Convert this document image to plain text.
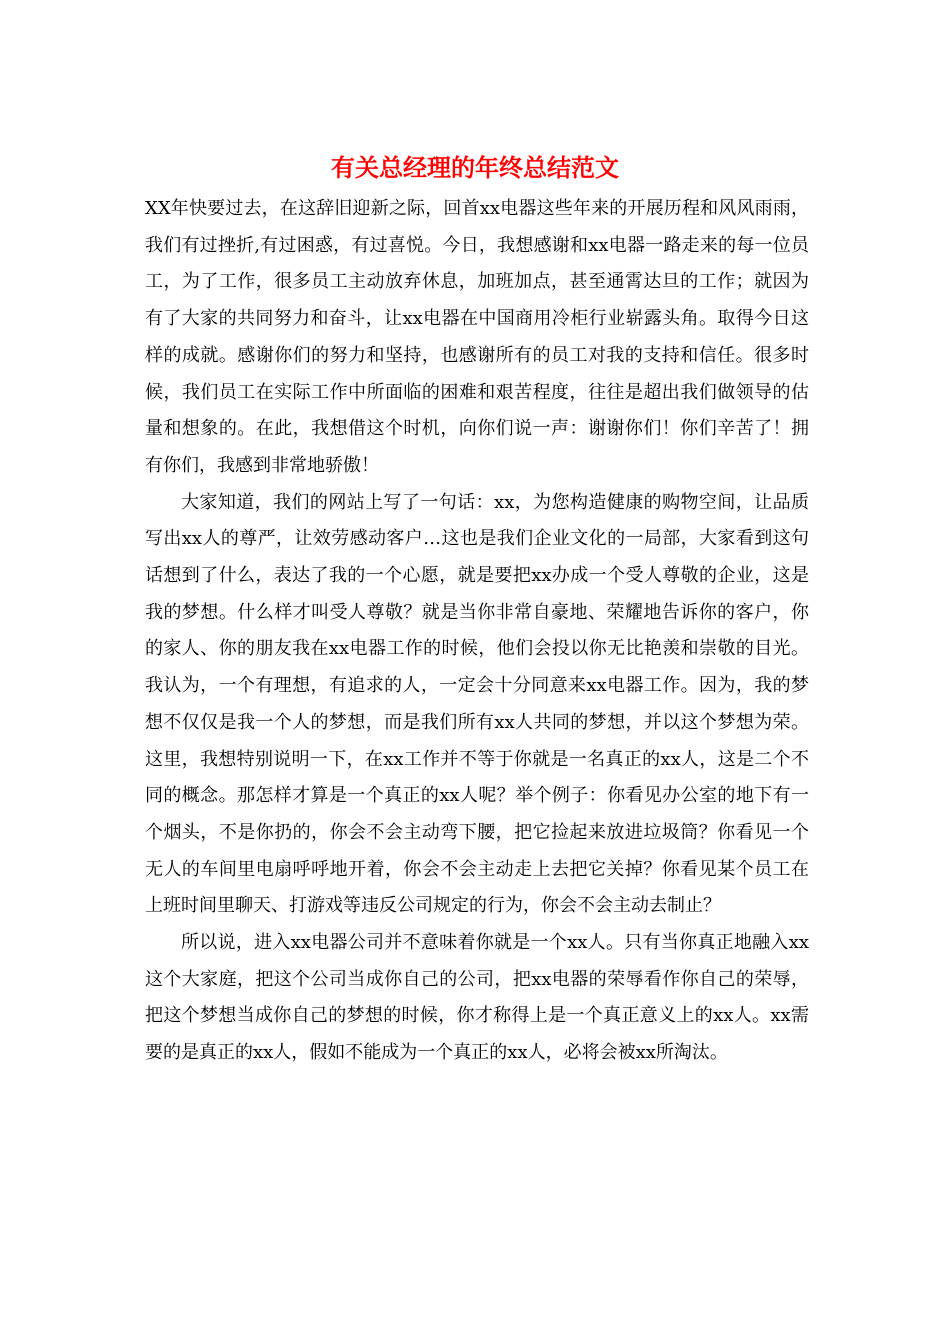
有关总经理的年终总结范文

XX年快要过去，在这辞旧迎新之际，回首xx电器这些年来的开展历程和风风雨雨，我们有过挫折,有过困惑，有过喜悦。今日，我想感谢和xx电器一路走来的每一位员工，为了工作，很多员工主动放弃休息，加班加点，甚至通霄达旦的工作；就因为有了大家的共同努力和奋斗，让xx电器在中国商用冷柜行业崭露头角。取得今日这样的成就。感谢你们的努力和坚持，也感谢所有的员工对我的支持和信任。很多时候，我们员工在实际工作中所面临的困难和艰苦程度，往往是超出我们做领导的估量和想象的。在此，我想借这个时机，向你们说一声：谢谢你们！你们辛苦了！拥有你们，我感到非常地骄傲！

大家知道，我们的网站上写了一句话：xx，为您构造健康的购物空间，让品质写出xx人的尊严，让效劳感动客户…这也是我们企业文化的一局部，大家看到这句话想到了什么，表达了我的一个心愿，就是要把xx办成一个受人尊敬的企业，这是我的梦想。什么样才叫受人尊敬？就是当你非常自豪地、荣耀地告诉你的客户，你的家人、你的朋友我在xx电器工作的时候，他们会投以你无比艳羡和崇敬的目光。我认为，一个有理想，有追求的人，一定会十分同意来xx电器工作。因为，我的梦想不仅仅是我一个人的梦想，而是我们所有xx人共同的梦想，并以这个梦想为荣。这里，我想特别说明一下，在xx工作并不等于你就是一名真正的xx人，这是二个不同的概念。那怎样才算是一个真正的xx人呢？举个例子：你看见办公室的地下有一个烟头，不是你扔的，你会不会主动弯下腰，把它捡起来放进垃圾筒？你看见一个无人的车间里电扇呼呼地开着，你会不会主动走上去把它关掉？你看见某个员工在上班时间里聊天、打游戏等违反公司规定的行为，你会不会主动去制止？

所以说，进入xx电器公司并不意味着你就是一个xx人。只有当你真正地融入xx这个大家庭，把这个公司当成你自己的公司，把xx电器的荣辱看作你自己的荣辱，把这个梦想当成你自己的梦想的时候，你才称得上是一个真正意义上的xx人。xx需要的是真正的xx人，假如不能成为一个真正的xx人，必将会被xx所淘汰。
